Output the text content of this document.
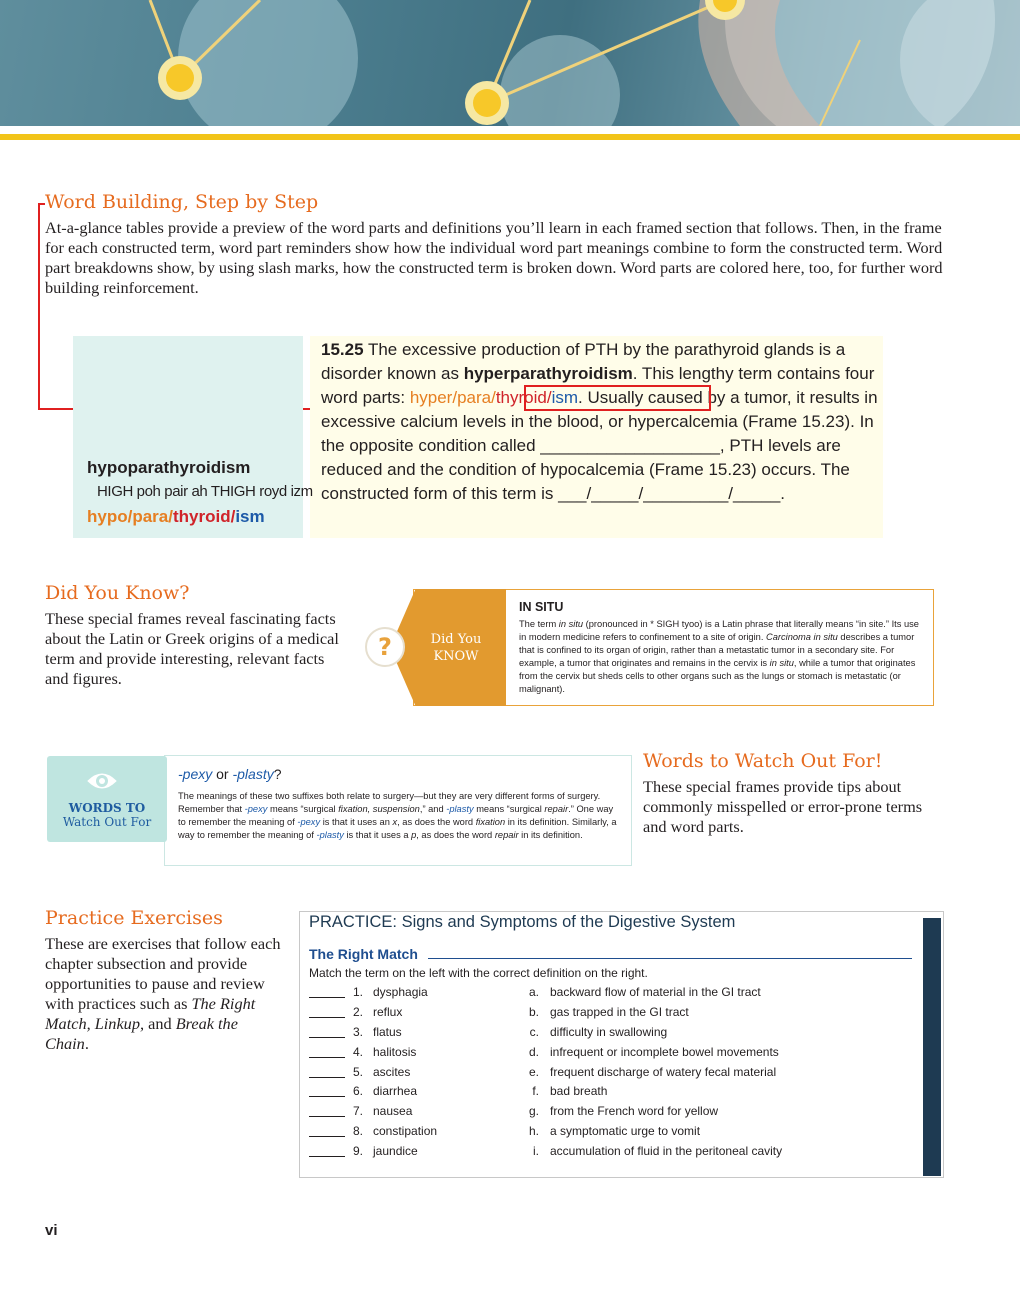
Word Building, Step by Step
At-a-glance tables provide a preview of the word parts and definitions you’ll learn in each framed section that follows. Then, in the frame for each constructed term, word part reminders show how the individual word part meanings combine to form the constructed term. Word part breakdowns show, by using slash marks, how the constructed term is broken down. Word parts are colored here, too, for further word building reinforcement.
hypoparathyroidism
HIGH poh pair ah THIGH royd izm
hypo/para/thyroid/ism
15.25 The excessive production of PTH by the parathyroid glands is a disorder known as hyperparathyroidism. This lengthy term contains four word parts: hyper/para/thyroid/ism. Usually caused by a tumor, it results in excessive calcium levels in the blood, or hypercalcemia (Frame 15.23). In the opposite condition called ___________________, PTH levels are reduced and the condition of hypocalcemia (Frame 15.23) occurs. The constructed form of this term is ___/_____/_________/_____.
Did You Know?
These special frames reveal fascinating facts about the Latin or Greek origins of a medical term and provide interesting, relevant facts and figures.
?	Did You
KNOW
IN SITU
The term in situ (pronounced in * SIGH tyoo) is a Latin phrase that literally means “in site.” Its use in modern medicine refers to confinement to a site of origin. Carcinoma in situ describes a tumor that is confined to its organ of origin, rather than a metastatic tumor in a secondary site. For example, a tumor that originates and remains in the cervix is in situ, while a tumor that originates from the cervix but sheds cells to other organs such as the lungs or stomach is metastatic (or malignant).
WORDS TO
Watch Out For
-pexy or -plasty?
The meanings of these two suffixes both relate to surgery—but they are very different forms of surgery. Remember that -pexy means “surgical fixation, suspension,” and -plasty means “surgical repair.” One way to remember the meaning of -pexy is that it uses an x, as does the word fixation in its definition. Similarly, a way to remember the meaning of -plasty is that it uses a p, as does the word repair in its definition.
Words to Watch Out For!
These special frames provide tips about commonly misspelled or error-prone terms and word parts.
Practice Exercises
These are exercises that follow each chapter subsection and provide opportunities to pause and review with practices such as The Right Match, Linkup, and Break the Chain.
PRACTICE: Signs and Symptoms of the Digestive System
The Right Match
Match the term on the left with the correct definition on the right.
1. dysphagia	a. backward flow of material in the GI tract
2. reflux	b. gas trapped in the GI tract
3. flatus	c. difficulty in swallowing
4. halitosis	d. infrequent or incomplete bowel movements
5. ascites	e. frequent discharge of watery fecal material
6. diarrhea	f. bad breath
7. nausea	g. from the French word for yellow
8. constipation	h. a symptomatic urge to vomit
9. jaundice	i. accumulation of fluid in the peritoneal cavity
vi
